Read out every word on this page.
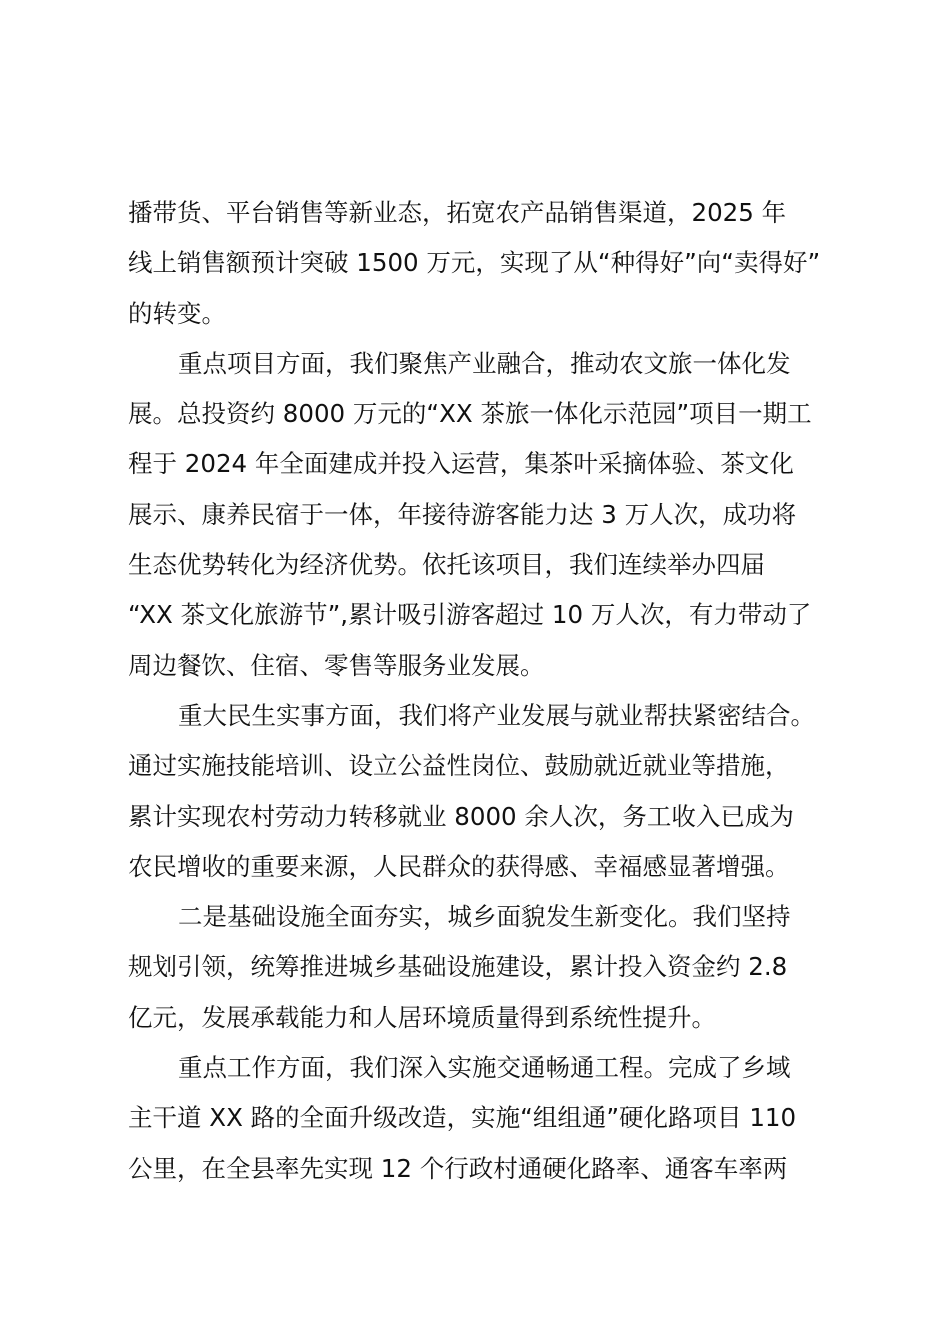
播带货、平台销售等新业态，拓宽农产品销售渠道，2025 年
线上销售额预计突破 1500 万元，实现了从“种得好”向“卖得好”
的转变。
重点项目方面，我们聚焦产业融合，推动农文旅一体化发
展。总投资约 8000 万元的“XX 茶旅一体化示范园”项目一期工
程于 2024 年全面建成并投入运营，集茶叶采摘体验、茶文化
展示、康养民宿于一体，年接待游客能力达 3 万人次，成功将
生态优势转化为经济优势。依托该项目，我们连续举办四届
“XX 茶文化旅游节”,累计吸引游客超过 10 万人次，有力带动了
周边餐饮、住宿、零售等服务业发展。
重大民生实事方面，我们将产业发展与就业帮扶紧密结合。
通过实施技能培训、设立公益性岗位、鼓励就近就业等措施，
累计实现农村劳动力转移就业 8000 余人次，务工收入已成为
农民增收的重要来源，人民群众的获得感、幸福感显著增强。
二是基础设施全面夯实，城乡面貌发生新变化。我们坚持
规划引领，统筹推进城乡基础设施建设，累计投入资金约 2.8
亿元，发展承载能力和人居环境质量得到系统性提升。
重点工作方面，我们深入实施交通畅通工程。完成了乡域
主干道 XX 路的全面升级改造，实施“组组通”硬化路项目 110
公里，在全县率先实现 12 个行政村通硬化路率、通客车率两
